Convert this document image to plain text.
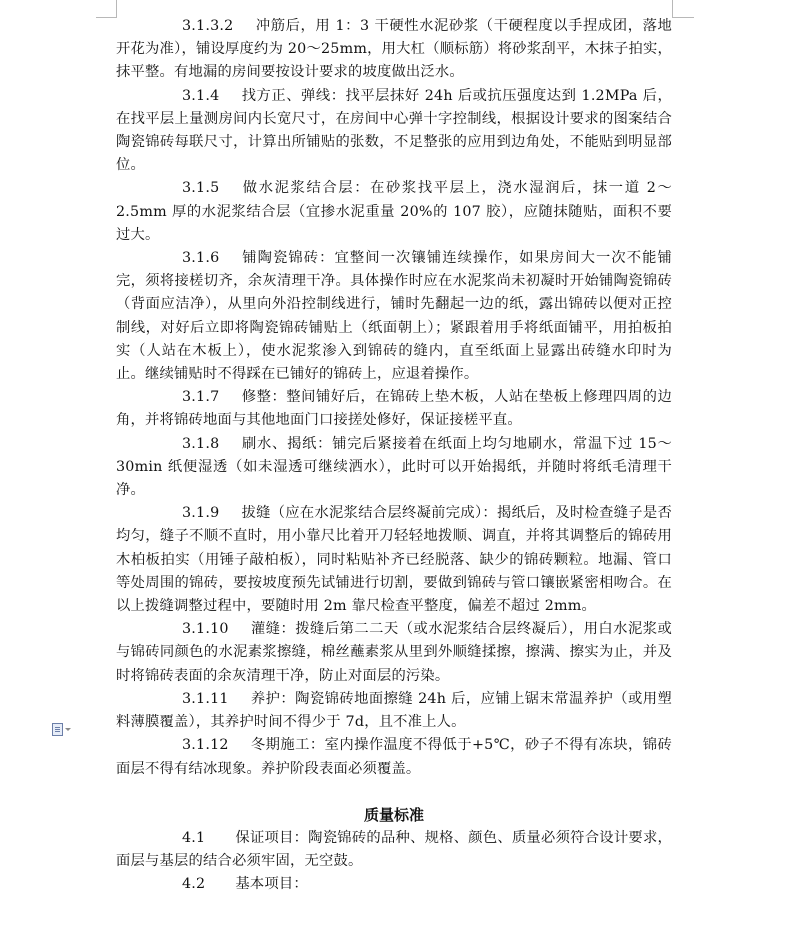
3.1.3.2 冲筋后，用 1：3 干硬性水泥砂浆（干硬程度以手捏成团，落地开花为准），铺设厚度约为 20～25mm，用大杠（顺标筋）将砂浆刮平，木抹子拍实，抹平整。有地漏的房间要按设计要求的坡度做出泛水。

3.1.4 找方正、弹线：找平层抹好 24h 后或抗压强度达到 1.2MPa 后，在找平层上量测房间内长宽尺寸，在房间中心弹十字控制线，根据设计要求的图案结合陶瓷锦砖每联尺寸，计算出所铺贴的张数，不足整张的应用到边角处，不能贴到明显部位。

3.1.5 做水泥浆结合层：在砂浆找平层上，浇水湿润后，抹一道 2～2.5mm 厚的水泥浆结合层（宜掺水泥重量 20%的 107 胶），应随抹随贴，面积不要过大。

3.1.6 铺陶瓷锦砖：宜整间一次镶铺连续操作，如果房间大一次不能铺完，须将接槎切齐，余灰清理干净。具体操作时应在水泥浆尚未初凝时开始铺陶瓷锦砖（背面应洁净），从里向外沿控制线进行，铺时先翻起一边的纸，露出锦砖以便对正控制线，对好后立即将陶瓷锦砖铺贴上（纸面朝上）；紧跟着用手将纸面铺平，用拍板拍实（人站在木板上），使水泥浆渗入到锦砖的缝内，直至纸面上显露出砖缝水印时为止。继续铺贴时不得踩在已铺好的锦砖上，应退着操作。

3.1.7 修整：整间铺好后，在锦砖上垫木板，人站在垫板上修理四周的边角，并将锦砖地面与其他地面门口接搓处修好，保证接槎平直。

3.1.8 刷水、揭纸：铺完后紧接着在纸面上均匀地刷水，常温下过 15～30min 纸便湿透（如未湿透可继续洒水），此时可以开始揭纸，并随时将纸毛清理干净。

3.1.9 拔缝（应在水泥浆结合层终凝前完成）：揭纸后，及时检查缝子是否均匀，缝子不顺不直时，用小靠尺比着开刀轻轻地拨顺、调直，并将其调整后的锦砖用木柏板拍实（用锤子敲柏板），同时粘贴补齐已经脱落、缺少的锦砖颗粒。地漏、管口等处周围的锦砖，要按坡度预先试铺进行切割，要做到锦砖与管口镶嵌紧密相吻合。在以上拨缝调整过程中，要随时用 2m 靠尺检查平整度，偏差不超过 2mm。

3.1.10 灌缝：拨缝后第二二天（或水泥浆结合层终凝后），用白水泥浆或与锦砖同颜色的水泥素浆擦缝，棉丝蘸素浆从里到外顺缝揉擦，擦满、擦实为止，并及时将锦砖表面的余灰清理干净，防止对面层的污染。

3.1.11 养护：陶瓷锦砖地面擦缝 24h 后，应铺上锯末常温养护（或用塑料薄膜覆盖），其养护时间不得少于 7d，且不准上人。

3.1.12 冬期施工：室内操作温度不得低于+5℃，砂子不得有冻块，锦砖面层不得有结冰现象。养护阶段表面必须覆盖。

质量标准

4.1 保证项目：陶瓷锦砖的品种、规格、颜色、质量必须符合设计要求，面层与基层的结合必须牢固，无空鼓。

4.2 基本项目：
